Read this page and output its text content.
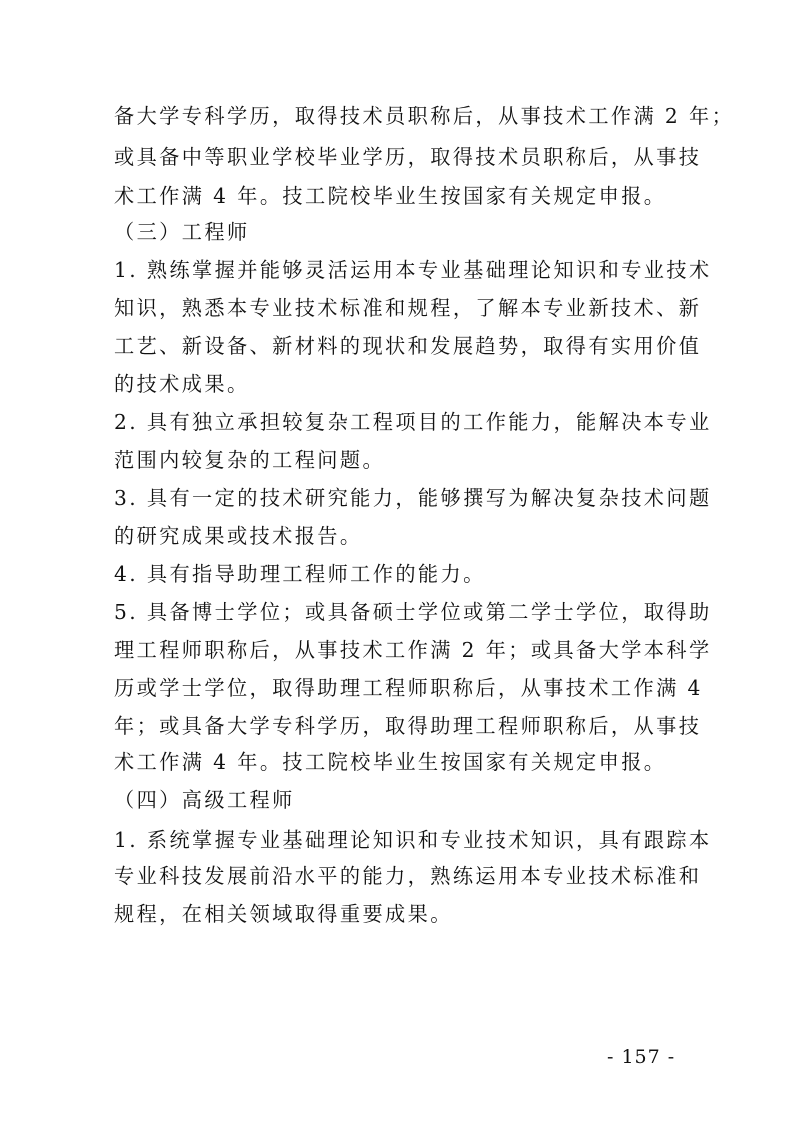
备大学专科学历，取得技术员职称后，从事技术工作满 2 年；
或具备中等职业学校毕业学历，取得技术员职称后，从事技
术工作满 4 年。技工院校毕业生按国家有关规定申报。
（三）工程师
1. 熟练掌握并能够灵活运用本专业基础理论知识和专业技术
知识，熟悉本专业技术标准和规程，了解本专业新技术、新
工艺、新设备、新材料的现状和发展趋势，取得有实用价值
的技术成果。
2. 具有独立承担较复杂工程项目的工作能力，能解决本专业
范围内较复杂的工程问题。
3. 具有一定的技术研究能力，能够撰写为解决复杂技术问题
的研究成果或技术报告。
4. 具有指导助理工程师工作的能力。
5. 具备博士学位；或具备硕士学位或第二学士学位，取得助
理工程师职称后，从事技术工作满 2 年；或具备大学本科学
历或学士学位，取得助理工程师职称后，从事技术工作满 4
年；或具备大学专科学历，取得助理工程师职称后，从事技
术工作满 4 年。技工院校毕业生按国家有关规定申报。
（四）高级工程师
1. 系统掌握专业基础理论知识和专业技术知识，具有跟踪本
专业科技发展前沿水平的能力，熟练运用本专业技术标准和
规程，在相关领域取得重要成果。
- 157 -
